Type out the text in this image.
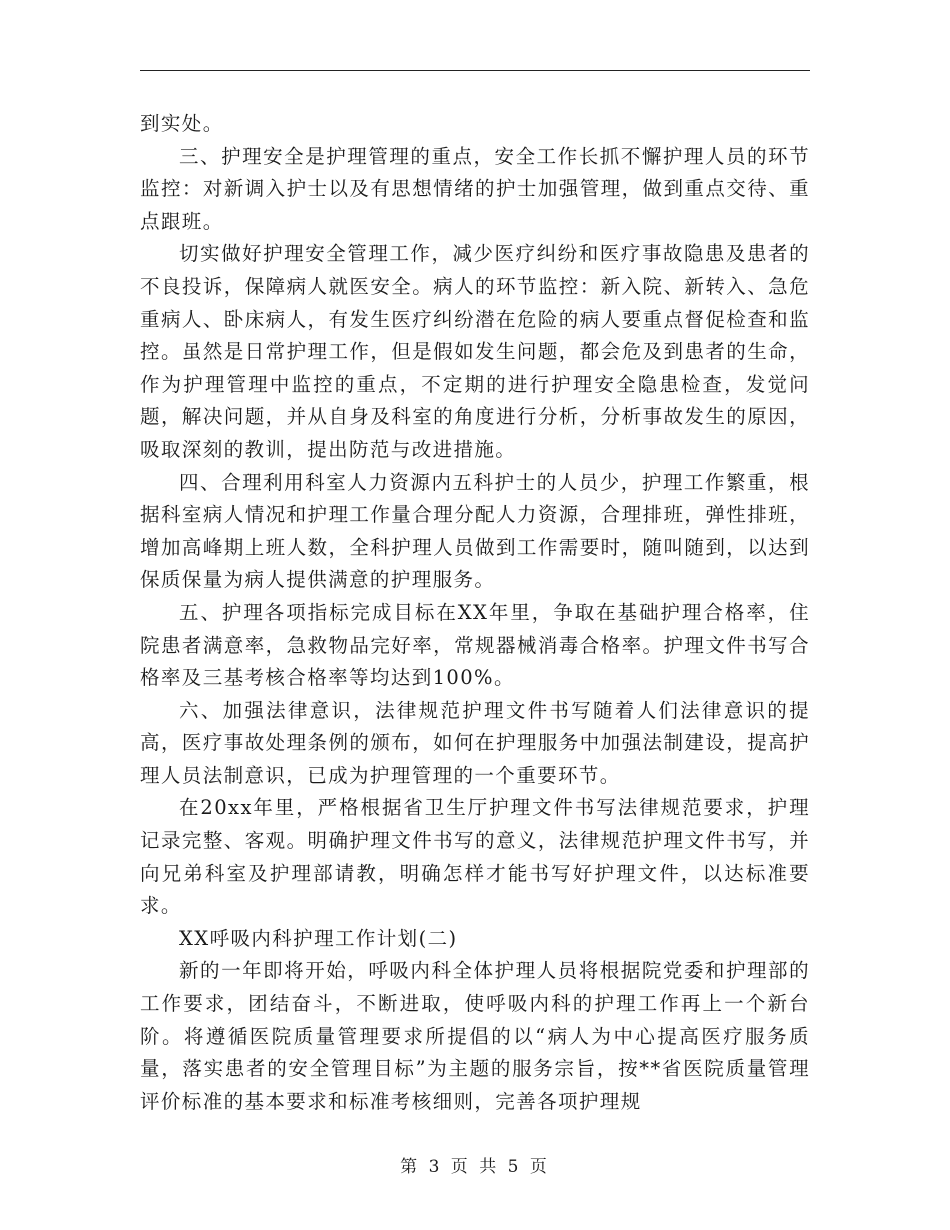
到实处。

三、护理安全是护理管理的重点，安全工作长抓不懈护理人员的环节监控：对新调入护士以及有思想情绪的护士加强管理，做到重点交待、重点跟班。

切实做好护理安全管理工作，减少医疗纠纷和医疗事故隐患及患者的不良投诉，保障病人就医安全。病人的环节监控：新入院、新转入、急危重病人、卧床病人，有发生医疗纠纷潜在危险的病人要重点督促检查和监控。虽然是日常护理工作，但是假如发生问题，都会危及到患者的生命，作为护理管理中监控的重点，不定期的进行护理安全隐患检查，发觉问题，解决问题，并从自身及科室的角度进行分析，分析事故发生的原因，吸取深刻的教训，提出防范与改进措施。

四、合理利用科室人力资源内五科护士的人员少，护理工作繁重，根据科室病人情况和护理工作量合理分配人力资源，合理排班，弹性排班，增加高峰期上班人数，全科护理人员做到工作需要时，随叫随到，以达到保质保量为病人提供满意的护理服务。

五、护理各项指标完成目标在XX年里，争取在基础护理合格率，住院患者满意率，急救物品完好率，常规器械消毒合格率。护理文件书写合格率及三基考核合格率等均达到100%。

六、加强法律意识，法律规范护理文件书写随着人们法律意识的提高，医疗事故处理条例的颁布，如何在护理服务中加强法制建设，提高护理人员法制意识，已成为护理管理的一个重要环节。

在20xx年里，严格根据省卫生厅护理文件书写法律规范要求，护理记录完整、客观。明确护理文件书写的意义，法律规范护理文件书写，并向兄弟科室及护理部请教，明确怎样才能书写好护理文件，以达标准要求。

XX呼吸内科护理工作计划(二)

新的一年即将开始，呼吸内科全体护理人员将根据院党委和护理部的工作要求，团结奋斗，不断进取，使呼吸内科的护理工作再上一个新台阶。将遵循医院质量管理要求所提倡的以“病人为中心提高医疗服务质量，落实患者的安全管理目标”为主题的服务宗旨，按**省医院质量管理评价标准的基本要求和标准考核细则，完善各项护理规

第 3 页 共 5 页
